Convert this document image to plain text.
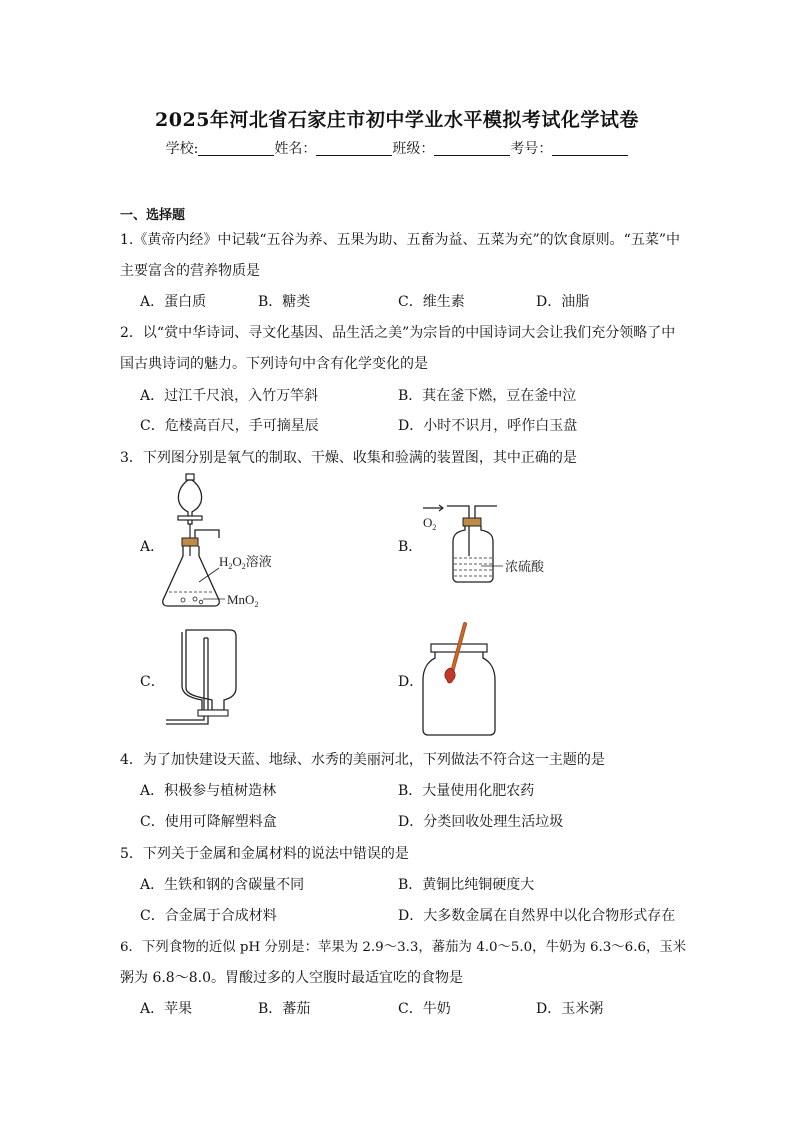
2025年河北省石家庄市初中学业水平模拟考试化学试卷
学校:	姓名：	班级：	考号：
一、选择题
1.《黄帝内经》中记载“五谷为养、五果为助、五畜为益、五菜为充”的饮食原则。“五菜”中
主要富含的营养物质是
A．蛋白质	B．糖类	C．维生素	D．油脂
2．以“赏中华诗词、寻文化基因、品生活之美”为宗旨的中国诗词大会让我们充分领略了中
国古典诗词的魅力。下列诗句中含有化学变化的是
A．过江千尺浪，入竹万竿斜	B．萁在釜下燃，豆在釜中泣
C．危楼高百尺，手可摘星辰	D．小时不识月，呼作白玉盘
3．下列图分别是氧气的制取、干燥、收集和验满的装置图，其中正确的是
A．
$H_2O_2$溶液
MnO$_2$
B．
$O_2$
浓硫酸
C．	D．
4．为了加快建设天蓝、地绿、水秀的美丽河北，下列做法不符合这一主题的是
A．积极参与植树造林	B．大量使用化肥农药
C．使用可降解塑料盒	D．分类回收处理生活垃圾
5．下列关于金属和金属材料的说法中错误的是
A．生铁和钢的含碳量不同	B．黄铜比纯铜硬度大
C．合金属于合成材料	D．大多数金属在自然界中以化合物形式存在
6．下列食物的近似 pH 分别是：苹果为 2.9～3.3，蕃茄为 4.0～5.0，牛奶为 6.3～6.6，玉米
粥为 6.8～8.0。胃酸过多的人空腹时最适宜吃的食物是
A．苹果	B．蕃茄	C．牛奶	D．玉米粥
